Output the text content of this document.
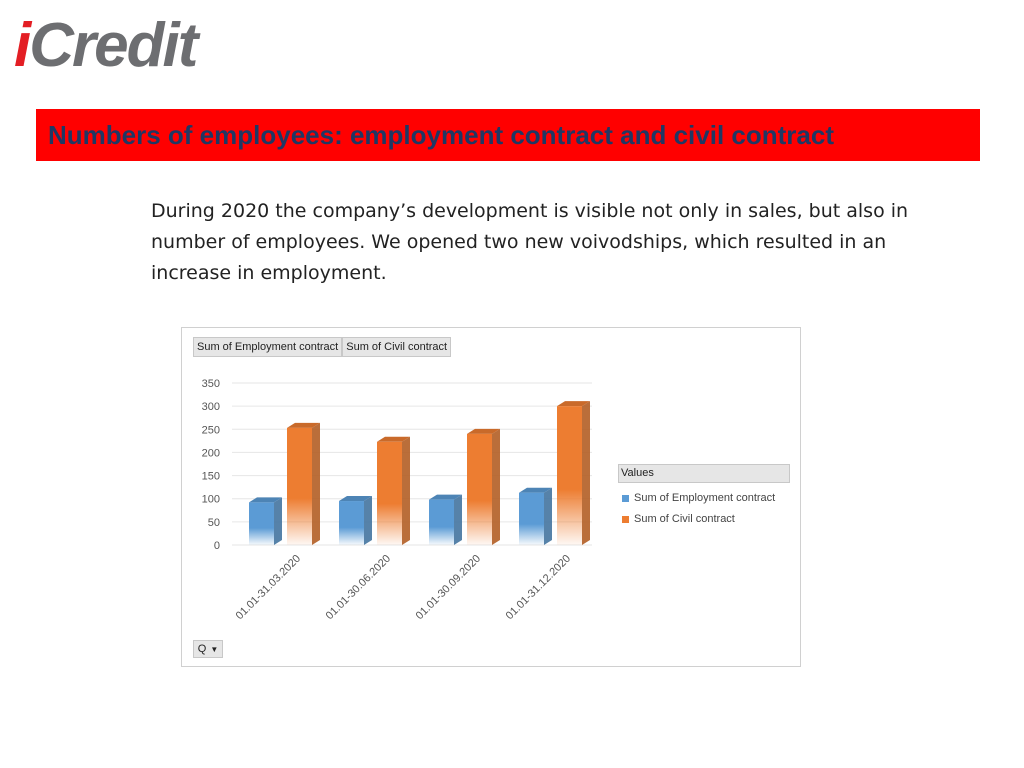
iCredit
Numbers of employees: employment contract and civil contract

During 2020 the company’s development is visible not only in sales, but also in number of employees. We opened two new voivodships, which resulted in an increase in employment.

Sum of Employment contract Sum of Civil contract
0
50
100
150
200
250
300
350
01.01-31.03.2020 01.01-30.06.2020 01.01-30.09.2020 01.01-31.12.2020
Values
Sum of Employment contract
Sum of Civil contract
Q ▼
